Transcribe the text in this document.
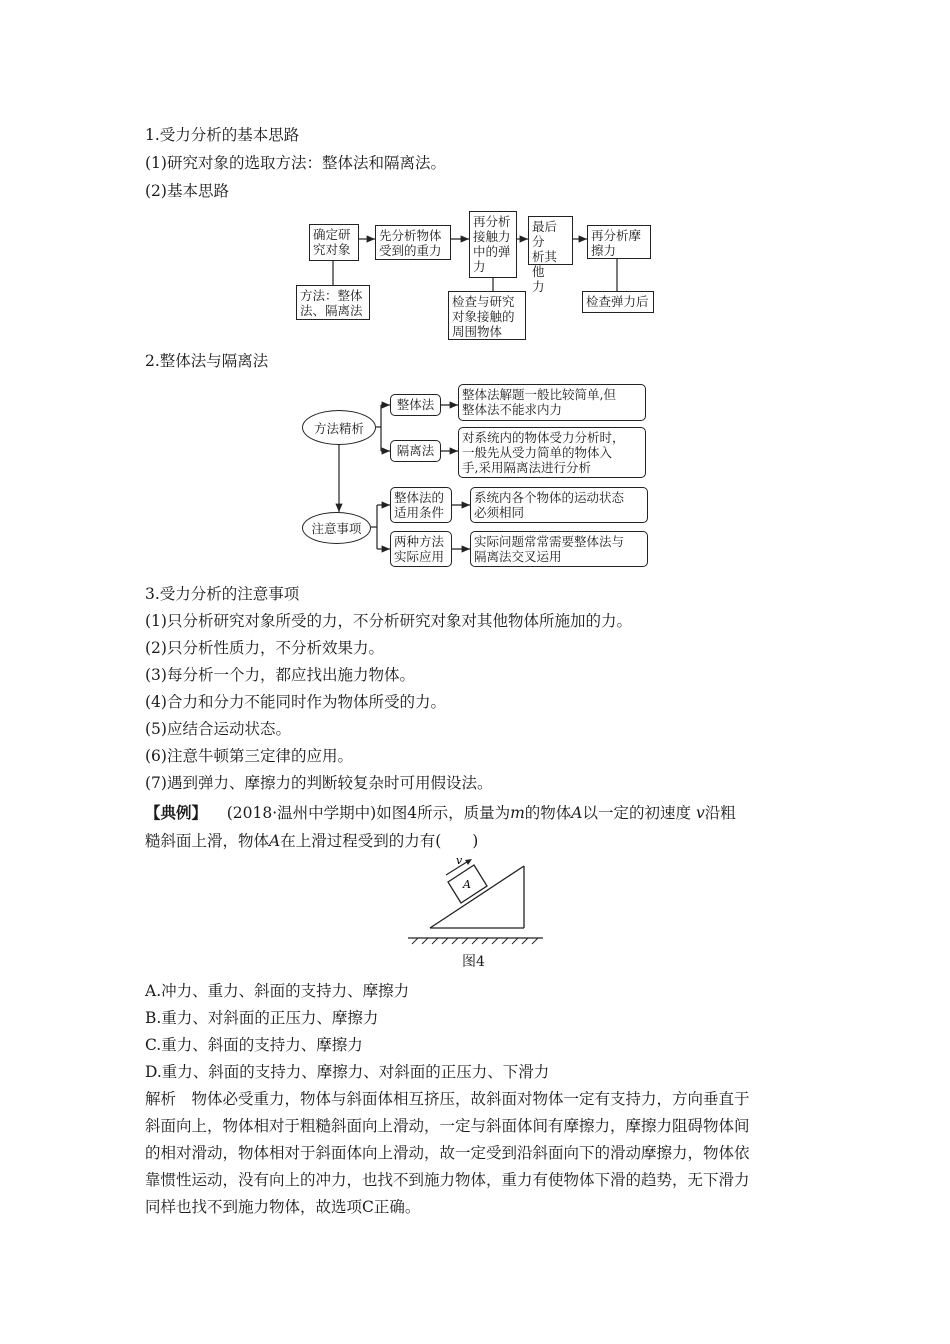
1.受力分析的基本思路
(1)研究对象的选取方法：整体法和隔离法。
(2)基本思路
确定研
究对象
先分析物体
受到的重力
再分析
接触力
中的弹
力
最后分
析其他
力
再分析摩
擦力
方法：整体
法、隔离法
检查与研究
对象接触的
周围物体
检查弹力后
2.整体法与隔离法
方法精析
注意事项
整体法
整体法解题一般比较简单,但
整体法不能求内力
隔离法
对系统内的物体受力分析时，
一般先从受力简单的物体入
手,采用隔离法进行分析
整体法的
适用条件
系统内各个物体的运动状态
必须相同
两种方法
实际应用
实际问题常常需要整体法与
隔离法交叉运用
3.受力分析的注意事项
(1)只分析研究对象所受的力，不分析研究对象对其他物体所施加的力。
(2)只分析性质力，不分析效果力。
(3)每分析一个力，都应找出施力物体。
(4)合力和分力不能同时作为物体所受的力。
(5)应结合运动状态。
(6)注意牛顿第三定律的应用。
(7)遇到弹力、摩擦力的判断较复杂时可用假设法。
【典例】 (2018·温州中学期中)如图4所示，质量为m的物体A以一定的初速度 v沿粗
糙斜面上滑，物体A在上滑过程受到的力有(　　)
v
A
图4
A.冲力、重力、斜面的支持力、摩擦力
B.重力、对斜面的正压力、摩擦力
C.重力、斜面的支持力、摩擦力
D.重力、斜面的支持力、摩擦力、对斜面的正压力、下滑力
解析　物体必受重力，物体与斜面体相互挤压，故斜面对物体一定有支持力，方向垂直于
斜面向上，物体相对于粗糙斜面向上滑动，一定与斜面体间有摩擦力，摩擦力阻碍物体间
的相对滑动，物体相对于斜面体向上滑动，故一定受到沿斜面向下的滑动摩擦力，物体依
靠惯性运动，没有向上的冲力，也找不到施力物体，重力有使物体下滑的趋势，无下滑力
同样也找不到施力物体，故选项C正确。
